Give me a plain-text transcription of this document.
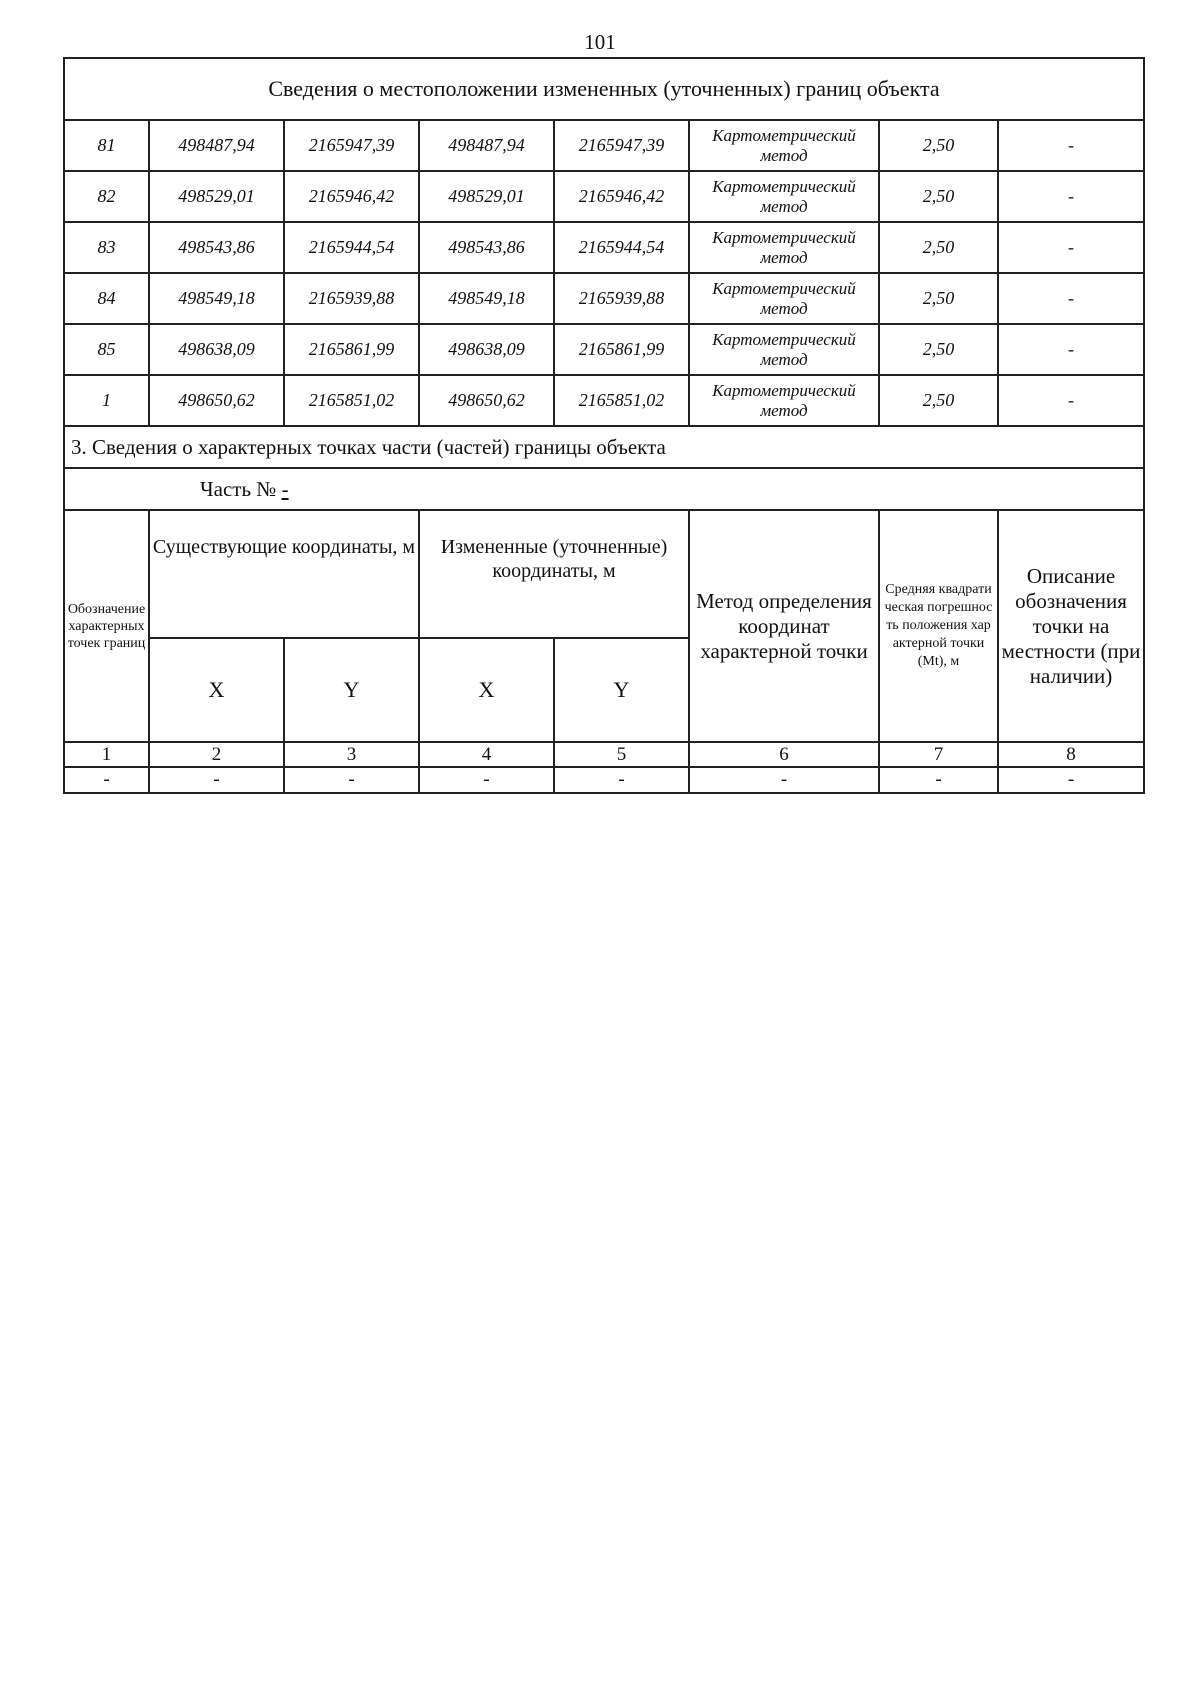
101
Сведения о местоположении измененных (уточненных) границ объекта							
81	498487,94	2165947,39	498487,94	2165947,39	Картометрический метод	2,50	-
82	498529,01	2165946,42	498529,01	2165946,42	Картометрический метод	2,50	-
83	498543,86	2165944,54	498543,86	2165944,54	Картометрический метод	2,50	-
84	498549,18	2165939,88	498549,18	2165939,88	Картометрический метод	2,50	-
85	498638,09	2165861,99	498638,09	2165861,99	Картометрический метод	2,50	-
1	498650,62	2165851,02	498650,62	2165851,02	Картометрический метод	2,50	-
3. Сведения о характерных точках части (частей) границы объекта							
Часть № -							
Обозначение характерных точек границ	Существующие координаты, м		Измененные (уточненные) координаты, м		Метод определения координат характерной точки	Средняя квадратическая погрешность положения характерной точки (Mt), м	Описание обозначения точки на местности (при наличии)
	X	Y	X	Y			
1	2	3	4	5	6	7	8
-	-	-	-	-	-	-	-
